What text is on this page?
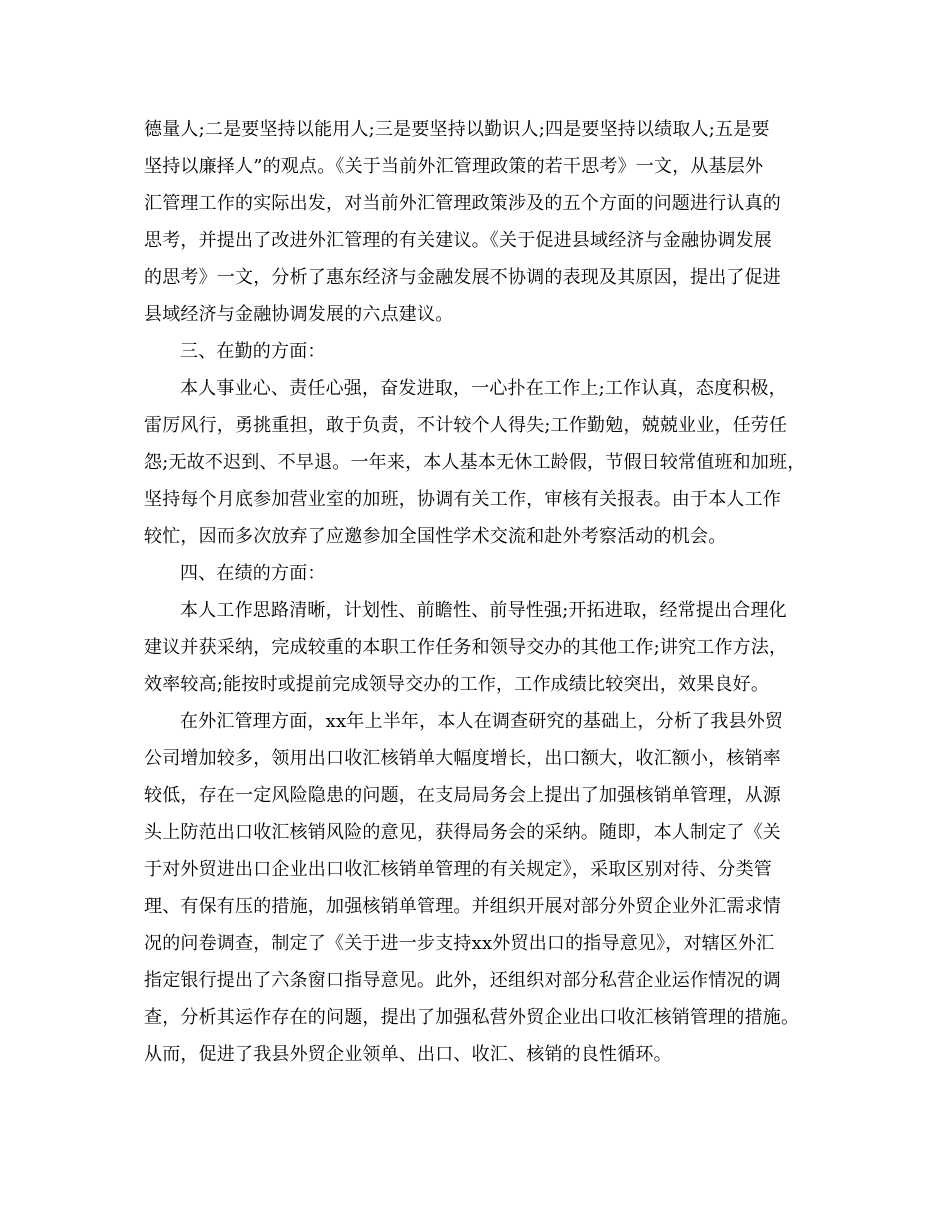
德量人;二是要坚持以能用人;三是要坚持以勤识人;四是要坚持以绩取人;五是要
坚持以廉择人”的观点。《关于当前外汇管理政策的若干思考》一文，从基层外
汇管理工作的实际出发，对当前外汇管理政策涉及的五个方面的问题进行认真的
思考，并提出了改进外汇管理的有关建议。《关于促进县域经济与金融协调发展
的思考》一文，分析了惠东经济与金融发展不协调的表现及其原因，提出了促进
县域经济与金融协调发展的六点建议。
三、在勤的方面：
本人事业心、责任心强，奋发进取，一心扑在工作上;工作认真，态度积极，
雷厉风行，勇挑重担，敢于负责，不计较个人得失;工作勤勉，兢兢业业，任劳任
怨;无故不迟到、不早退。一年来，本人基本无休工龄假，节假日较常值班和加班，
坚持每个月底参加营业室的加班，协调有关工作，审核有关报表。由于本人工作
较忙，因而多次放弃了应邀参加全国性学术交流和赴外考察活动的机会。
四、在绩的方面：
本人工作思路清晰，计划性、前瞻性、前导性强;开拓进取，经常提出合理化
建议并获采纳，完成较重的本职工作任务和领导交办的其他工作;讲究工作方法，
效率较高;能按时或提前完成领导交办的工作，工作成绩比较突出，效果良好。
在外汇管理方面，xx年上半年，本人在调查研究的基础上，分析了我县外贸
公司增加较多，领用出口收汇核销单大幅度增长，出口额大，收汇额小，核销率
较低，存在一定风险隐患的问题，在支局局务会上提出了加强核销单管理，从源
头上防范出口收汇核销风险的意见，获得局务会的采纳。随即，本人制定了《关
于对外贸进出口企业出口收汇核销单管理的有关规定》，采取区别对待、分类管
理、有保有压的措施，加强核销单管理。并组织开展对部分外贸企业外汇需求情
况的问卷调查，制定了《关于进一步支持xx外贸出口的指导意见》，对辖区外汇
指定银行提出了六条窗口指导意见。此外，还组织对部分私营企业运作情况的调
查，分析其运作存在的问题，提出了加强私营外贸企业出口收汇核销管理的措施。
从而，促进了我县外贸企业领单、出口、收汇、核销的良性循环。
